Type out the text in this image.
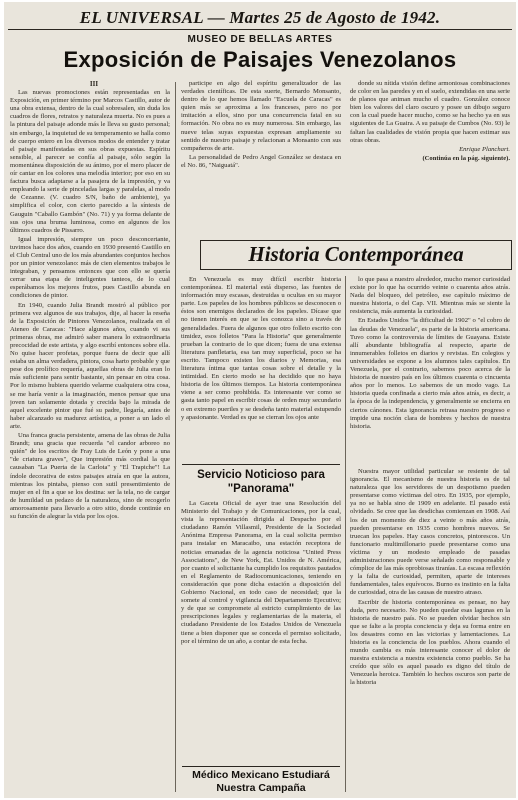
EL UNIVERSAL — Martes 25 de Agosto de 1942.
MUSEO DE BELLAS ARTES
Exposición de Paisajes Venezolanos

III

Las nuevas promociones están representadas en la Exposición, en primer término por Marcos Castillo, autor de una obra extensa, dentro de la cual sobresalen, sin duda los cuadros de flores, retratos y naturaleza muerta. No es pues a la pintura del paisaje adonde más le lleva su gusto personal; sin embargo, la inquietud de su temperamento se halla como de cuerpo entero en los diversos modos de entender y tratar el paisaje manifestadas en sus obras expuestas. Espíritu sensible, al parecer se confía al paisaje, sólo según la momentánea disposición de su ánimo, por el mero placer de oír cantar en los colores una melodía interior; por eso en su factura busca adaptarse a la pasajera de la impresión, y va empleando la serie de pinceladas largas y paralelas, al modo de Cezanne. (V. cuadro S/N, baño de ambiente), ya simplifica el color, con cierto parecido a la síntesis de Gauguin "Caballo Gambón" (No. 71) y ya forma delante de sus ojos una bruma luminosa, como en algunos de los últimos cuadros de Pissarro.

Igual impresión, siempre un poco desconcertante, tuvimos hace dos años, cuando en 1930 presentó Castillo en el Club Central uno de los más abundantes conjuntos hechos por un pintor venezolano: más de cien elementos trabajos le integraban, y pensamos entonces que con ello se quería cerrar una etapa de inteligentes tanteos, de lo cual esperábamos los mejores frutos, pues Castillo abunda en condiciones de pintor.

En 1940, cuando Julia Brandt mostró al público por primera vez algunos de sus trabajos, dije, al hacer la reseña de la Exposición de Pintores Venezolanos, realizada en el Ateneo de Caracas: "Hace algunos años, cuando vi sus primeras obras, me admiró saber manera lo extraordinaria precocidad de este artista, y algo escribí entonces sobre ella. No quise hacer profetas, porque fuera de decir que allí estaba un alma verdadera, pintora, cosa harto probable y que pese dos prolífico requería, aquellas obras de Julia eran lo más suficiente para sentir bastante, sin pensar en otra cosa. Por lo mismo hubiera querido velarme cualquiera otra cosa, se me haría venir a la imaginación, menos pensar que una joven tan solamente dotada y crecida bajo la mirada de aquel excelente pintor que fué su padre, llegaría, antes de haber alcanzado su madurez artística, a poner a un lado el arte.

Una franca gracia persistente, amena de las obras de Julia Brandt; una gracia que recuerda "el candor arboreo no quién" de los escritos de Fray Luis de León y pone a una "de criatura graves", Que impresión más cordial la que causaban "La Puerta de la Carlota" y "El Trapiche"! La índole decorativa de estos paisajes atraía en que la autora, mientras los pintaba, pienso con sutil presentimiento de mujer en el fin a que se los destina: ser la tela, no de cargar de humildad un pedazo de la naturaleza, sino de recogerlo amorosamente para llevarlo a otro sitio, donde continúe en su función de alegrar la vida por los ojos.

participe en algo del espíritu generalizador de las verdades científicas. De esta suerte, Bernardo Monsanto, dentro de lo que hemos llamado "Escuela de Caracas" es quien más se aproxima a los franceses, pero no por imitación a ellos, sino por una concurrencia fatal en su formación. No obra no es muy numerosa. Sin embargo, las nueve telas suyas expuestas expresan ampliamente su sentido de nuestro paisaje y relacionan a Monsanto con sus compañeros de arte.

La personalidad de Pedro Angel González se destaca en el No. 86, "Naiguatá".

donde su nítida visión define armoniosas combinaciones de color en las paredes y en el suelo, extendidas en una serie de planos que animan mucho el cuadro. González conoce bien los valores del claro oscuro y posee un dibujo seguro con la cual puede hacer mucho, como se ha hecho ya en sus siguientes de La Guaira. A su paisaje de Cumbos (No. 93) le faltan las cualidades de visión propia que hacen estimar sus otras obras.

Enrique Planchart.

(Continúa en la pág. siguiente).

Historia Contemporánea

En Venezuela es muy difícil escribir historia contemporánea. El material está disperso, las fuentes de información muy escasas, destruidas u ocultas en su mayor parte. Los papeles de los hombres públicos se desconocen o éstos son enemigos declarados de los papeles. Dícase que no tienen interés en que se les conozca sino a través de generalidades. Fuera de algunos que otro folleto escrito con timidez, esos folletos "Para la Historia" que generalmente prueban la contrario de lo que dicen; fuera de una extensa literatura panfletaria, esa tan muy superficial, poco se ha escrito. Tampoco existen los diarios y Memorias, esa literatura íntima que tantas cosas sobre el detalle y la intimidad. En cierto modo se ha decidido que no haya historia de los últimos tiempos. La historia contemporánea viene a ser como prohibida. Es interesante ver como se gasta tanto papel en escribir cosas de orden muy secundario o en extremo pueriles y se desdeña tanto material estupendo y apasionante. Verdad es que se cierran los ojos ante

lo que pasa a nuestro alrededor, mucho menor curiosidad existe por lo que ha ocurrido veinte o cuarenta años atrás. Nada del bloqueo, del petróleo, ese capítulo máximo de nuestra historia, o del Cap. VII. Mientras más se siente la resistencia, más aumenta la curiosidad.

En Estados Unidos "la dificultad de 1902" o "el cobro de las deudas de Venezuela", es parte de la historia americana. Tuvo como la controversia de límites de Guayana. Existe allí abundante bibliografía al respecto, aparte de innumerables folletos en diarios y revistas. En colegios y universidades se expone a los alumnos tales capítulos. En Venezuela, por el contrario, sabemos poco acerca de la historia de nuestro país en los últimos cuarenta o cincuenta años por lo menos. Lo sabemos de un modo vago. La historia queda confinada a cierto más años atrás, es decir, a la época de la independencia, y generalmente se encierra en ciertos cánones. Esta ignorancia retrasa nuestro progreso e impide una noción clara de hombres y hechos de nuestra historia.

Servicio Noticioso para "Panorama"

La Gaceta Oficial de ayer trae una Resolución del Ministerio del Trabajo y de Comunicaciones, por la cual, vista la representación dirigida al Despacho por el ciudadano Ramón Villasmil, Presidente de la Sociedad Anónima Empresa Panorama, en la cual solicita permiso para instalar en Maracaibo, una estación receptora de noticias emanadas de la agencia noticiosa "United Press Associations", de New York, Est. Unidos de N. América, por cuanto el solicitante ha cumplido los requisitos pautados en el Reglamento de Radiocomunicaciones, teniendo en consideración que pone dicha estación a disposición del Gobierno Nacional, en todo caso de necesidad; que la somete al control y vigilancia del Departamento Ejecutivo; y de que se compromete al estricto cumplimiento de las prescripciones legales y reglamentarias de la materia, el ciudadano Presidente de los Estados Unidos de Venezuela tiene a bien disponer que se conceda el permiso solicitado, por el término de un año, a contar de esta fecha.

Nuestra mayor utilidad particular se resiente de tal ignorancia. El mecanismo de nuestra historia es de tal naturaleza que los servidores de un despotismo pueden presentarse como víctimas del otro. En 1935, por ejemplo, ya no se habla sino de 1909 en adelante. El pasado está olvidado. Se cree que las desdichas comienzan en 1908. Así los de un momento de diez a veinte o más años atrás, pueden presentarse en 1935 como hombres nuevos. Se truecan los papeles. Hay casos concretos, pintorescos. Un funcionario multimillonario puede presentarse como una víctima y un modesto empleado de pasadas administraciones puede verse señalado como responsable y cómplice de las más oprobiosas tiranías. La escasa reflexión y la falta de curiosidad, permiten, aparte de intereses fundamentales, tales equívocos. Burno es instinto en la falta de curiosidad, otra de las causas de nuestro atraso.

Escribir de historia contemporánea es pensar, no hay duda, pero necesario. No pueden quedar esas lagunas en la historia de nuestro país. No se pueden olvidar hechos sin que se falte a la propia conciencia y deja su forma entre en los desastres como en las victorias y lamentaciones. La historia es la conciencia de los pueblos. Ahora cuando el mundo cambia es más interesante conocer el dolor de nuestra existencia a nuestra existencia como pueblo. Se ha creído que sólo es aquel pasado es digno del título de Venezuela heroica. También lo hechos oscuros son parte de la historia

Médico Mexicano Estudiará Nuestra Campaña
